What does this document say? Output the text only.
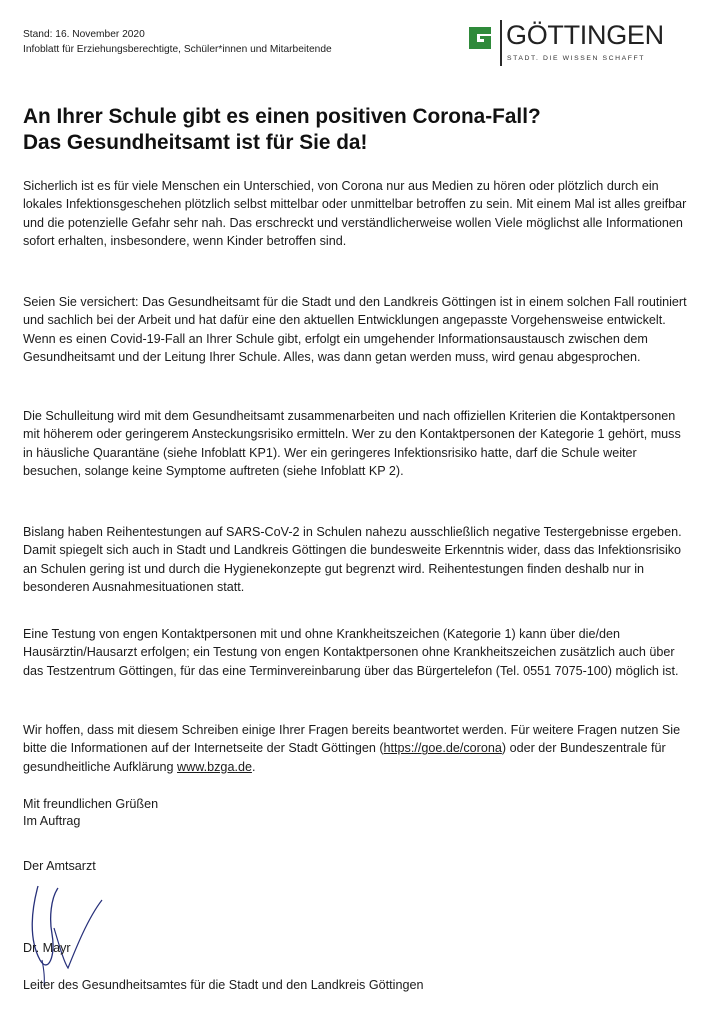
Stand: 16. November 2020
Infoblatt für Erziehungsberechtigte, Schüler*innen und Mitarbeitende	GÖTTINGEN
STADT. DIE WISSEN SCHAFFT
An Ihrer Schule gibt es einen positiven Corona-Fall?
Das Gesundheitsamt ist für Sie da!

Sicherlich ist es für viele Menschen ein Unterschied, von Corona nur aus Medien zu hören oder plötzlich durch ein lokales Infektionsgeschehen plötzlich selbst mittelbar oder unmittelbar betroffen zu sein. Mit einem Mal ist alles greifbar und die potenzielle Gefahr sehr nah. Das erschreckt und verständlicherweise wollen Viele möglichst alle Informationen sofort erhalten, insbesondere, wenn Kinder betroffen sind.

Seien Sie versichert: Das Gesundheitsamt für die Stadt und den Landkreis Göttingen ist in einem solchen Fall routiniert und sachlich bei der Arbeit und hat dafür eine den aktuellen Entwicklungen angepasste Vorgehensweise entwickelt. Wenn es einen Covid-19-Fall an Ihrer Schule gibt, erfolgt ein umgehender Informationsaustausch zwischen dem Gesundheitsamt und der Leitung Ihrer Schule. Alles, was dann getan werden muss, wird genau abgesprochen.

Die Schulleitung wird mit dem Gesundheitsamt zusammenarbeiten und nach offiziellen Kriterien die Kontaktpersonen mit höherem oder geringerem Ansteckungsrisiko ermitteln. Wer zu den Kontaktpersonen der Kategorie 1 gehört, muss in häusliche Quarantäne (siehe Infoblatt KP1). Wer ein geringeres Infektionsrisiko hatte, darf die Schule weiter besuchen, solange keine Symptome auftreten (siehe Infoblatt KP 2).

Bislang haben Reihentestungen auf SARS-CoV-2 in Schulen nahezu ausschließlich negative Testergebnisse ergeben. Damit spiegelt sich auch in Stadt und Landkreis Göttingen die bundesweite Erkenntnis wider, dass das Infektionsrisiko an Schulen gering ist und durch die Hygienekonzepte gut begrenzt wird. Reihentestungen finden deshalb nur in besonderen Ausnahmesituationen statt.

Eine Testung von engen Kontaktpersonen mit und ohne Krankheitszeichen (Kategorie 1) kann über die/den Hausärztin/Hausarzt erfolgen; ein Testung von engen Kontaktpersonen ohne Krankheitszeichen zusätzlich auch über das Testzentrum Göttingen, für das eine Terminvereinbarung über das Bürgertelefon (Tel. 0551 7075-100) möglich ist.

Wir hoffen, dass mit diesem Schreiben einige Ihrer Fragen bereits beantwortet werden. Für weitere Fragen nutzen Sie bitte die Informationen auf der Internetseite der Stadt Göttingen (https://goe.de/corona) oder der Bundeszentrale für gesundheitliche Aufklärung www.bzga.de.

Mit freundlichen Grüßen
Im Auftrag
Der Amtsarzt
Dr. Mayr
Leiter des Gesundheitsamtes für die Stadt und den Landkreis Göttingen
